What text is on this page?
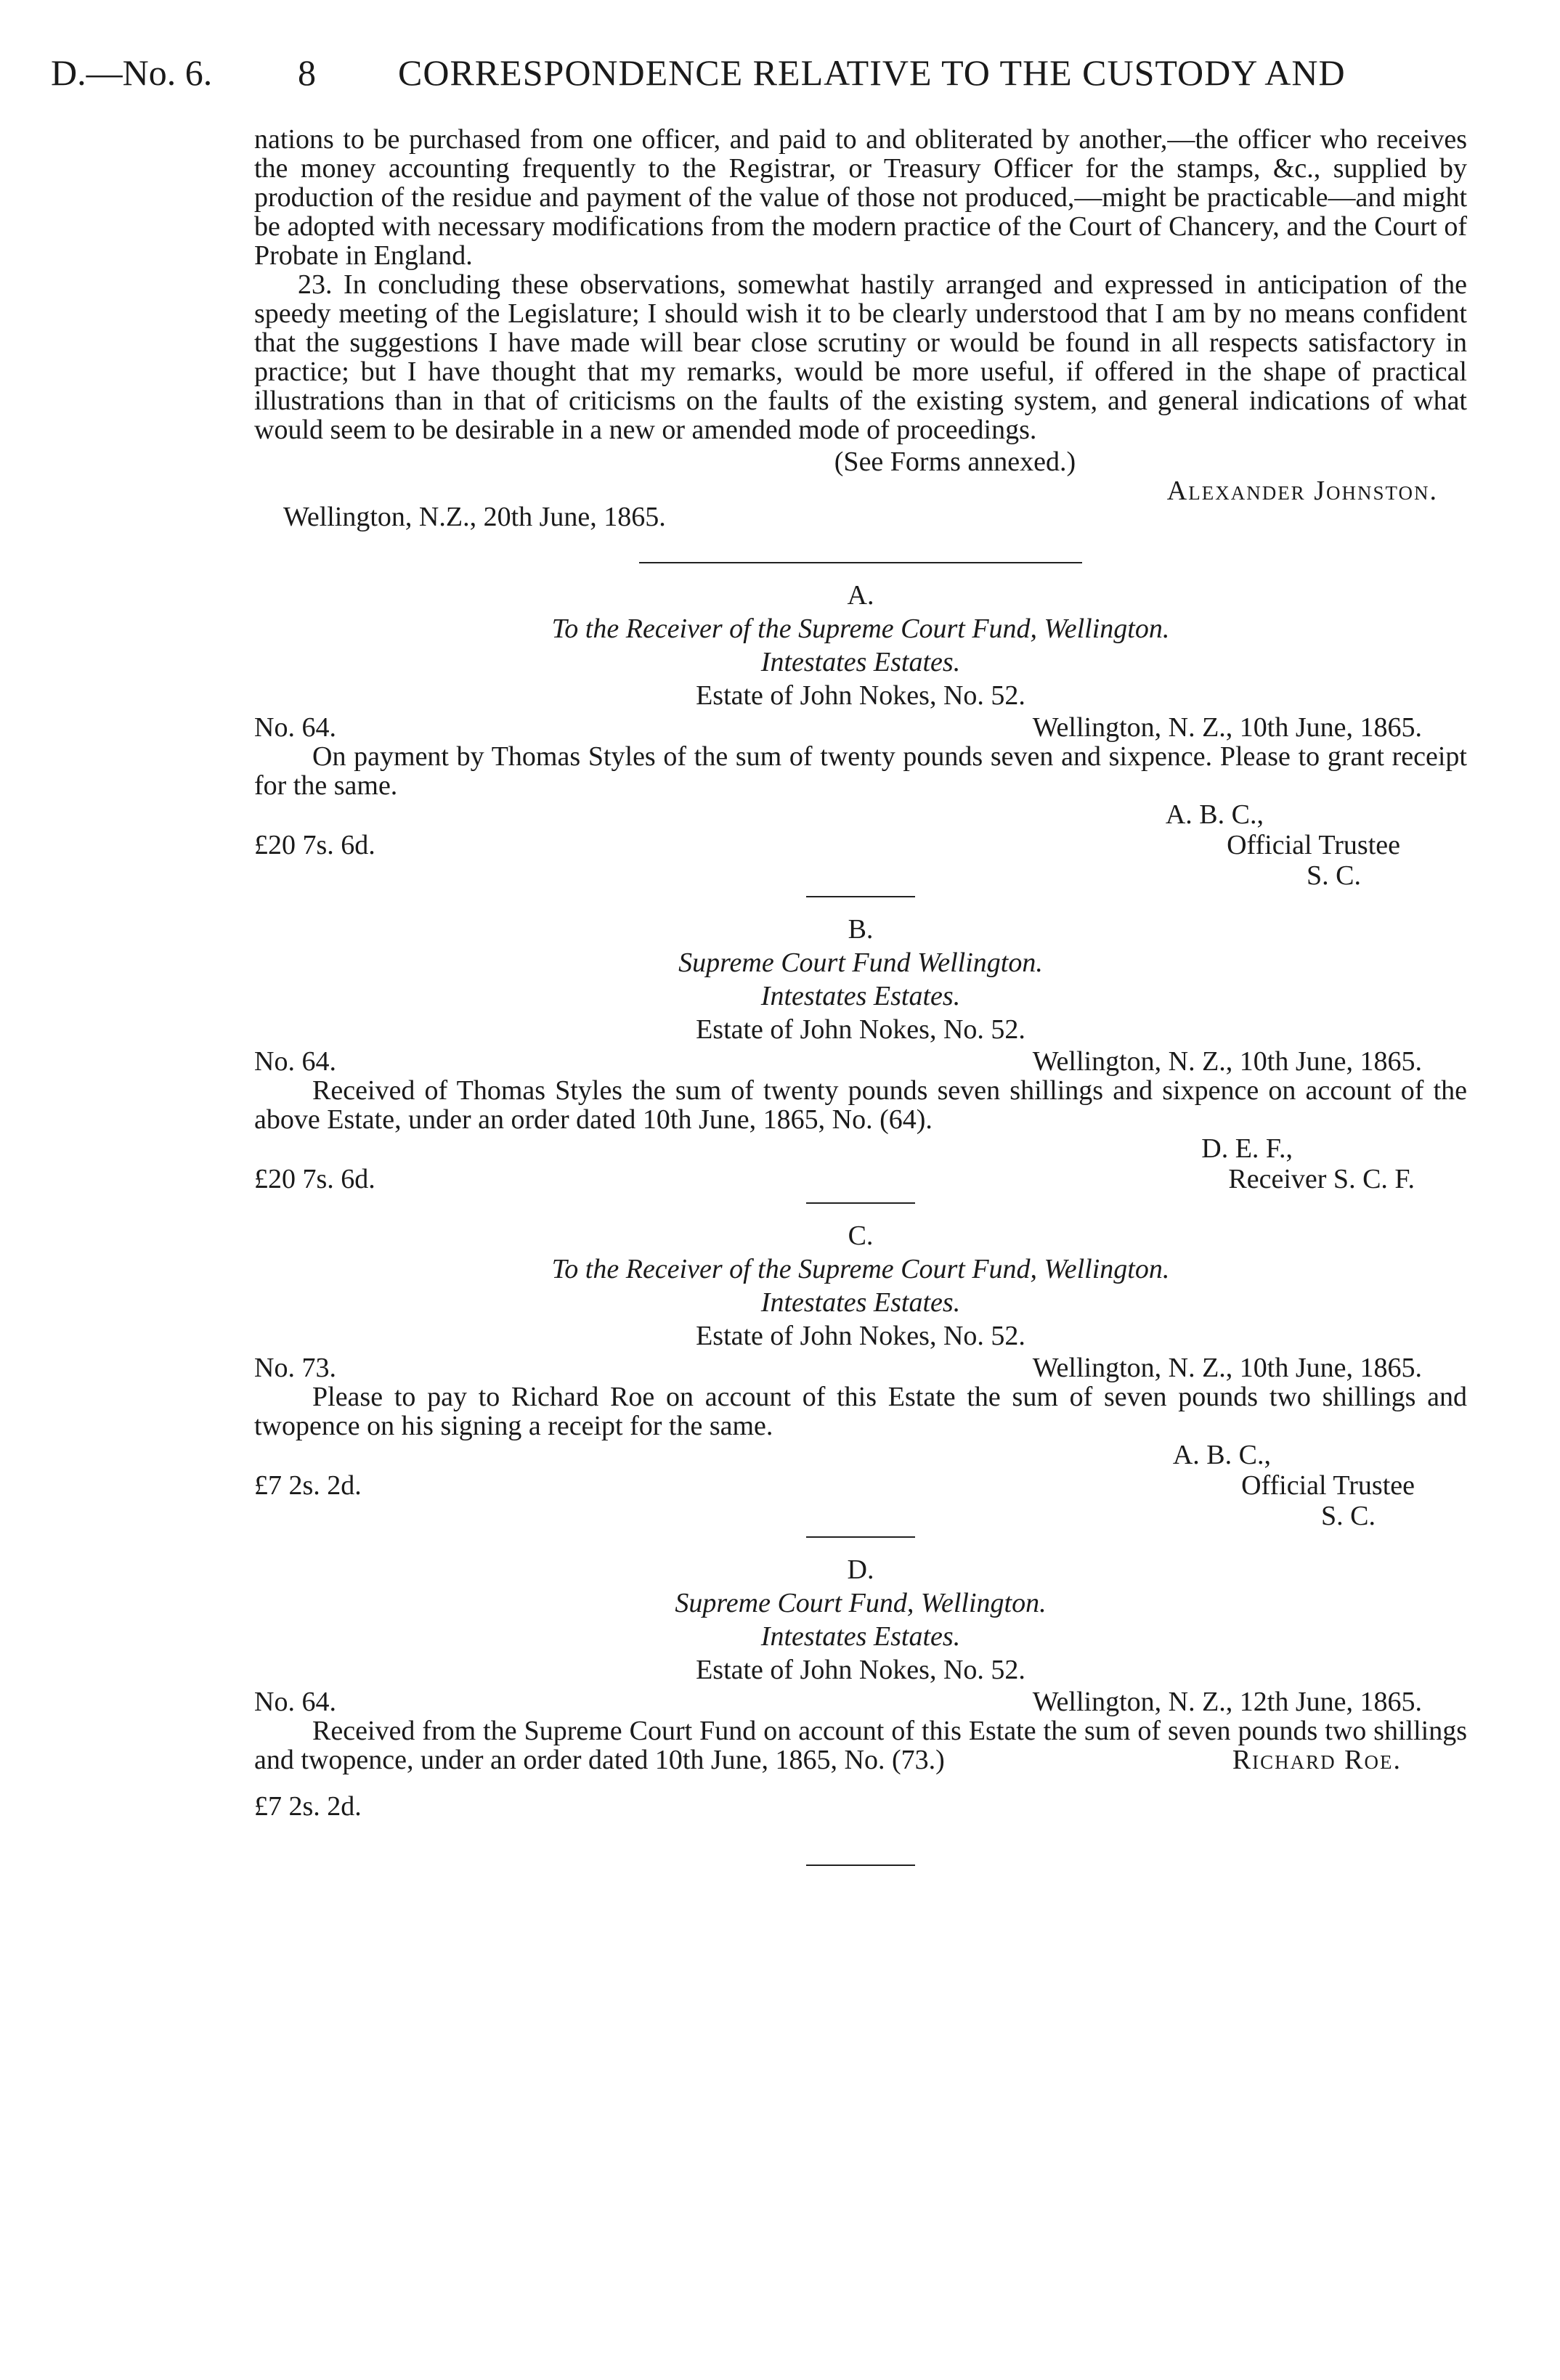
D.—No. 6. 8 CORRESPONDENCE RELATIVE TO THE CUSTODY AND

nations to be purchased from one officer, and paid to and obliterated by another,—the officer who receives the money accounting frequently to the Registrar, or Treasury Officer for the stamps, &c., supplied by production of the residue and payment of the value of those not produced,—might be practicable—and might be adopted with necessary modifications from the modern practice of the Court of Chancery, and the Court of Probate in England.

23. In concluding these observations, somewhat hastily arranged and expressed in anticipation of the speedy meeting of the Legislature; I should wish it to be clearly understood that I am by no means confident that the suggestions I have made will bear close scrutiny or would be found in all respects satisfactory in practice; but I have thought that my remarks, would be more useful, if offered in the shape of practical illustrations than in that of criticisms on the faults of the existing system, and general indications of what would seem to be desirable in a new or amended mode of proceedings.

(See Forms annexed.)

Alexander Johnston.
Wellington, N.Z., 20th June, 1865.

A.

To the Receiver of the Supreme Court Fund, Wellington.

Intestates Estates.

Estate of John Nokes, No. 52.

No. 64.	Wellington, N. Z., 10th June, 1865.

On payment by Thomas Styles of the sum of twenty pounds seven and sixpence. Please to grant receipt for the same.

A. B. C.,
£20 7s. 6d.	Official Trustee
S. C.

B.

Supreme Court Fund Wellington.

Intestates Estates.

Estate of John Nokes, No. 52.

No. 64.	Wellington, N. Z., 10th June, 1865.

Received of Thomas Styles the sum of twenty pounds seven shillings and sixpence on account of the above Estate, under an order dated 10th June, 1865, No. (64).

D. E. F.,
£20 7s. 6d.	Receiver S. C. F.

C.

To the Receiver of the Supreme Court Fund, Wellington.

Intestates Estates.

Estate of John Nokes, No. 52.

No. 73.	Wellington, N. Z., 10th June, 1865.

Please to pay to Richard Roe on account of this Estate the sum of seven pounds two shillings and twopence on his signing a receipt for the same.

A. B. C.,
£7 2s. 2d.	Official Trustee
S. C.

D.

Supreme Court Fund, Wellington.

Intestates Estates.

Estate of John Nokes, No. 52.

No. 64.	Wellington, N. Z., 12th June, 1865.

Received from the Supreme Court Fund on account of this Estate the sum of seven pounds two shillings and twopence, under an order dated 10th June, 1865, No. (73.)	Richard Roe.
£7 2s. 2d.
